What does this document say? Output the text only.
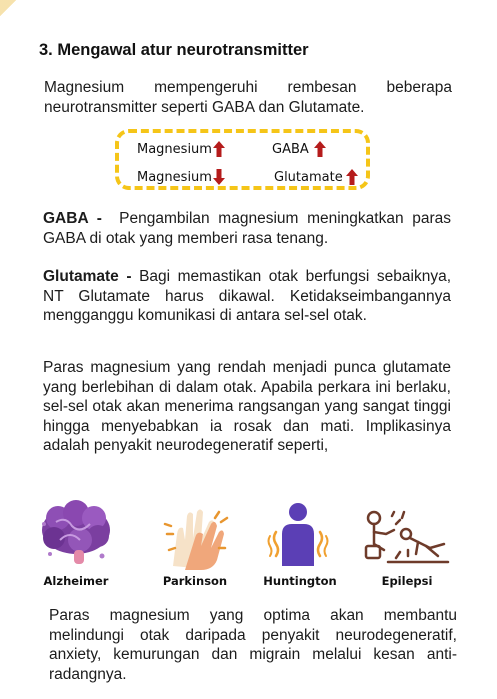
3. Mengawal atur neurotransmitter
Magnesium mempengeruhi rembesan beberapa neurotransmitter seperti GABA dan Glutamate.
Magnesium	GABA
Magnesium	Glutamate
GABA - Pengambilan magnesium meningkatkan paras GABA di otak yang memberi rasa tenang.
Glutamate - Bagi memastikan otak berfungsi sebaiknya, NT Glutamate harus dikawal. Ketidakseimbangannya mengganggu komunikasi di antara sel-sel otak.
Paras magnesium yang rendah menjadi punca glutamate yang berlebihan di dalam otak. Apabila perkara ini berlaku, sel-sel otak akan menerima rangsangan yang sangat tinggi hingga menyebabkan ia rosak dan mati. Implikasinya adalah penyakit neurodegeneratif seperti,
Alzheimer	Parkinson	Huntington	Epilepsi
Paras magnesium yang optima akan membantu melindungi otak daripada penyakit neurodegeneratif, anxiety, kemurungan dan migrain melalui kesan anti-radangnya.
